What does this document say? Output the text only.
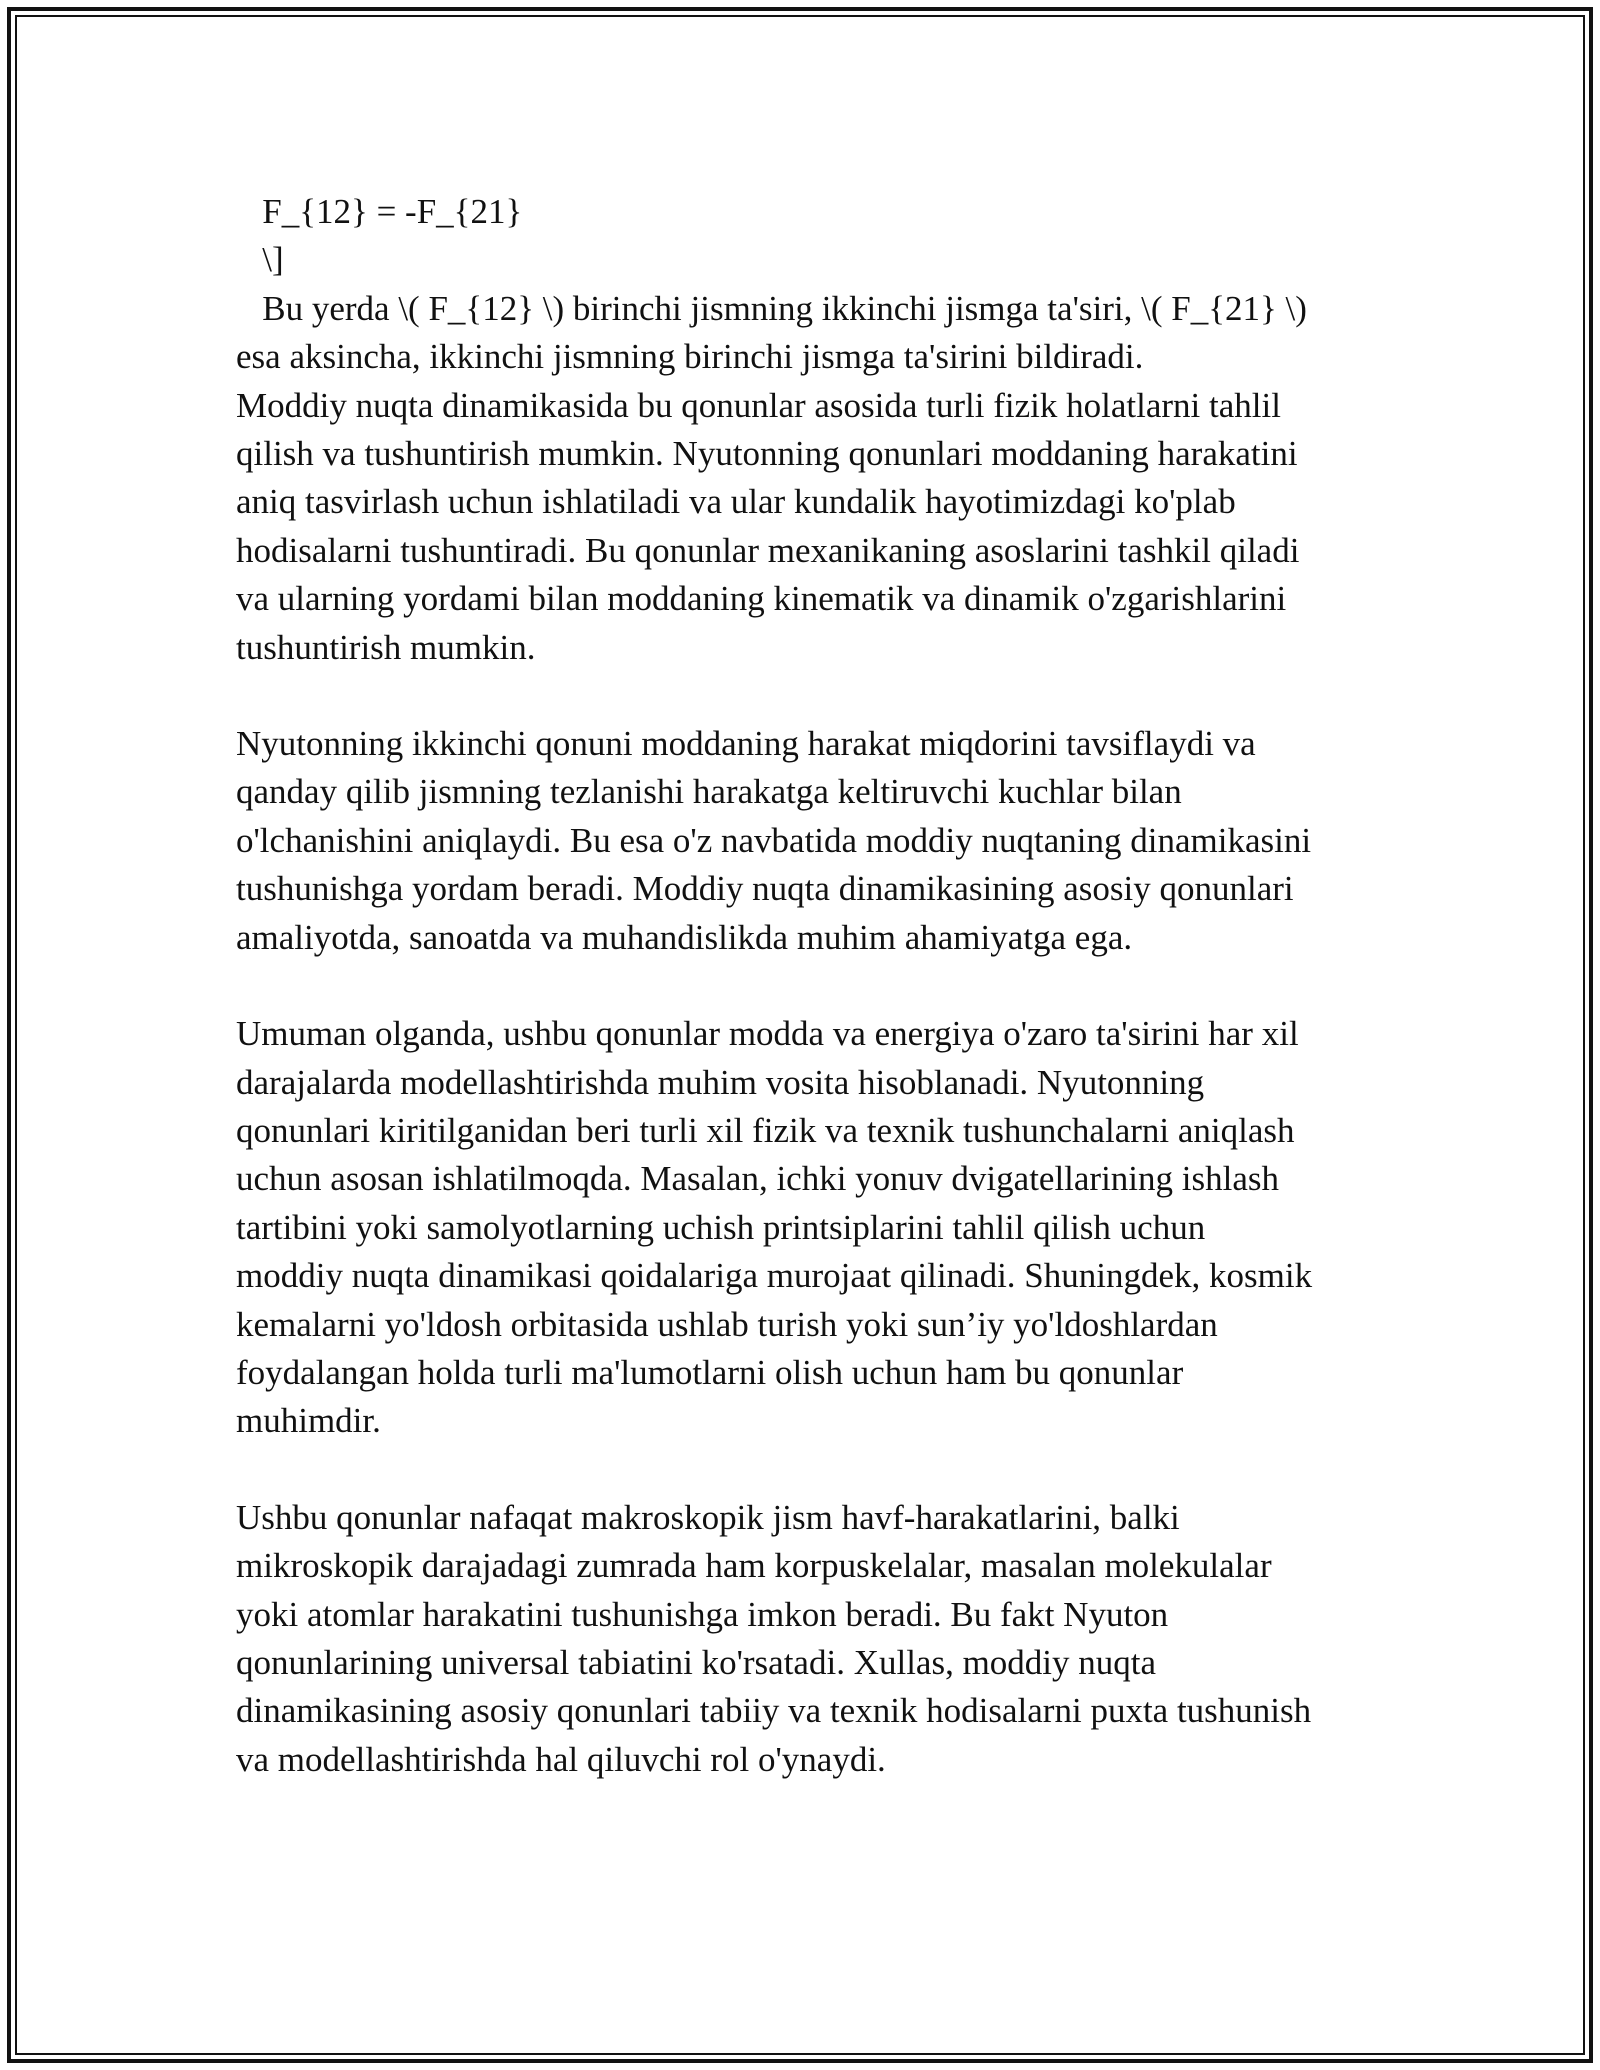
F_{12} = -F_{21}
\]
Bu yerda \( F_{12} \) birinchi jismning ikkinchi jismga ta'siri, \( F_{21} \)
esa aksincha, ikkinchi jismning birinchi jismga ta'sirini bildiradi.

Moddiy nuqta dinamikasida bu qonunlar asosida turli fizik holatlarni tahlil
qilish va tushuntirish mumkin. Nyutonning qonunlari moddaning harakatini
aniq tasvirlash uchun ishlatiladi va ular kundalik hayotimizdagi ko'plab
hodisalarni tushuntiradi. Bu qonunlar mexanikaning asoslarini tashkil qiladi
va ularning yordami bilan moddaning kinematik va dinamik o'zgarishlarini
tushuntirish mumkin.

Nyutonning ikkinchi qonuni moddaning harakat miqdorini tavsiflaydi va
qanday qilib jismning tezlanishi harakatga keltiruvchi kuchlar bilan
o'lchanishini aniqlaydi. Bu esa o'z navbatida moddiy nuqtaning dinamikasini
tushunishga yordam beradi. Moddiy nuqta dinamikasining asosiy qonunlari
amaliyotda, sanoatda va muhandislikda muhim ahamiyatga ega.

Umuman olganda, ushbu qonunlar modda va energiya o'zaro ta'sirini har xil
darajalarda modellashtirishda muhim vosita hisoblanadi. Nyutonning
qonunlari kiritilganidan beri turli xil fizik va texnik tushunchalarni aniqlash
uchun asosan ishlatilmoqda. Masalan, ichki yonuv dvigatellarining ishlash
tartibini yoki samolyotlarning uchish printsiplarini tahlil qilish uchun
moddiy nuqta dinamikasi qoidalariga murojaat qilinadi. Shuningdek, kosmik
kemalarni yo'ldosh orbitasida ushlab turish yoki sun’iy yo'ldoshlardan
foydalangan holda turli ma'lumotlarni olish uchun ham bu qonunlar
muhimdir.

Ushbu qonunlar nafaqat makroskopik jism havf-harakatlarini, balki
mikroskopik darajadagi zumrada ham korpuskelalar, masalan molekulalar
yoki atomlar harakatini tushunishga imkon beradi. Bu fakt Nyuton
qonunlarining universal tabiatini ko'rsatadi. Xullas, moddiy nuqta
dinamikasining asosiy qonunlari tabiiy va texnik hodisalarni puxta tushunish
va modellashtirishda hal qiluvchi rol o'ynaydi.
